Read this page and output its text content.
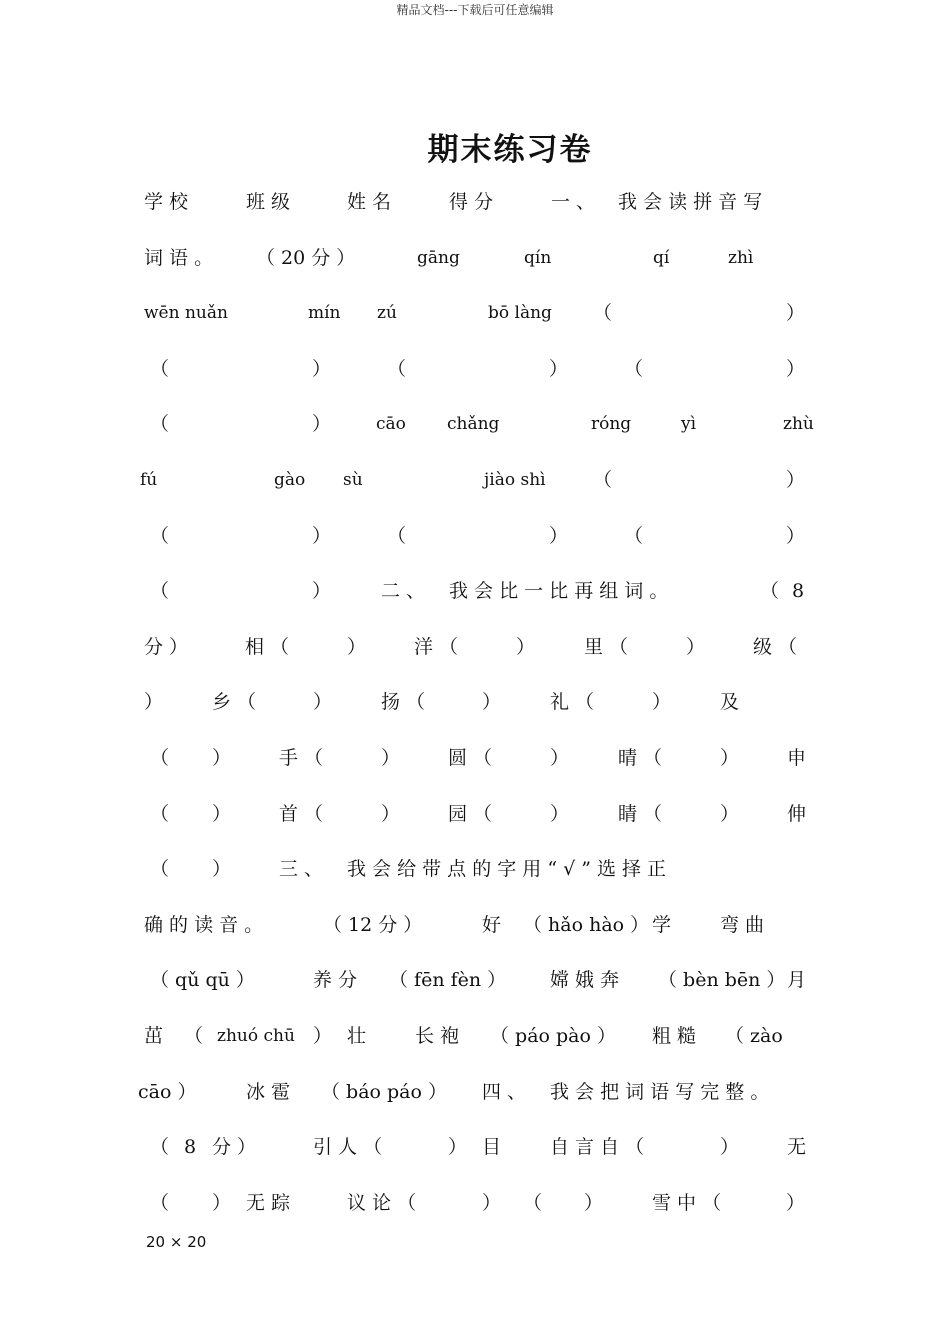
精品文档---下载后可任意编辑
期末练习卷
学 校	班 级	姓 名	得 分	一 、 我 会 读 拼 音 写
词 语 。 （ 20 分 ）	gāng	qín	qí	zhì
wēn nuǎn	mín zú	bō làng （	）
（	）	（	）	（	）
（	）	cāo chǎng	róng	yì	zhù
fú	gào sù	jiào shì （	）
（	）	（	）	（	）
（	）	二 、 我 会 比 一 比 再 组 词 。	（ 8
分 ）	相 （	）	洋 （	）	里 （	）	级 （
）	乡 （	）	扬 （	）	礼 （	）	及
（ ）	手 （	）	圆 （	）	晴 （	）	申
（ ）	首 （	）	园 （	）	睛 （	）	伸
（ ）	三 、 我 会 给 带 点 的 字 用 “ √ ” 选 择 正
确 的 读 音 。	（ 12 分 ）	好 （ hǎo hào ） 学	弯 曲
（ qǔ qū ）	养 分 （ fēn fèn ） 嫦 娥 奔 （ bèn bēn ） 月
茁 （ zhuó chū ） 壮	长 袍 （ páo pào ） 粗 糙 （ zào
cāo ）	冰 雹 （ báo páo ） 四 、 我 会 把 词 语 写 完 整 。
（ 8 分 ）	引 人 （	） 目	自 言 自 （	）	无
（ ） 无 踪	议 论 （	） （ ）	雪 中 （	）
20 × 20
